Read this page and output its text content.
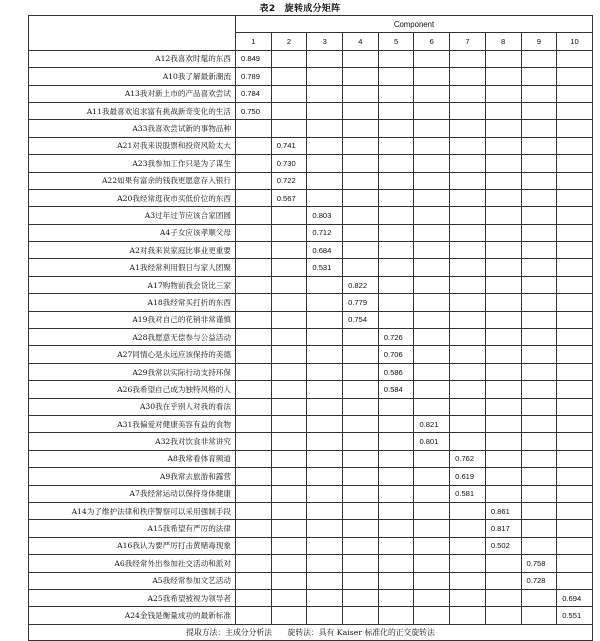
表2　旋转成分矩阵
	Component									
	1	2	3	4	5	6	7	8	9	10
A12我喜欢时髦的东西	0.849									
A10我了解最新潮流	0.789									
A13我对新上市的产品喜欢尝试	0.784									
A11我最喜欢追求富有挑战新奇变化的生活	0.750									
A33我喜欢尝试新的事物品种										
A21对我来说股票和投资风险太大		0.741								
A23我参加工作只是为了谋生		0.730								
A22如果有富余的钱我更愿意存入银行		0.722								
A20我经常逛夜市买低价位的东西		0.567								
A3过年过节应该合家团圆			0.803							
A4子女应该孝顺父母			0.712							
A2对我来说家庭比事业更重要			0.684							
A1我经常利用假日与家人团聚			0.531							
A17购物前我会货比三家				0.822						
A18我经常买打折的东西				0.779						
A19我对自己的花销非常谨慎				0.754						
A28我愿意无偿参与公益活动					0.726					
A27同情心是永远应该保持的美德					0.706					
A29我常以实际行动支持环保					0.586					
A26我希望自己成为独特风格的人					0.584					
A30我在乎别人对我的看法										
A31我偏爱对健康美容有益的食物						0.821				
A32我对饮食非常讲究						0.801				
A8我常看体育频道							0.762			
A9我常去旅游和露营							0.619			
A7我经常运动以保持身体健康							0.581			
A14为了维护法律和秩序警察可以采用强制手段								0.861		
A15我希望有严厉的法律								0.817		
A16我认为要严厉打击黄赌毒现象								0.502		
A6我经常外出参加社交活动和派对									0.758	
A5我经常参加文艺活动									0.728	
A25我希望被视为领导者										0.694
A24金钱是衡量成功的最新标准										0.551
提取方法：主成分分析法　　旋转法：具有 Kaiser 标准化的正交旋转法										
